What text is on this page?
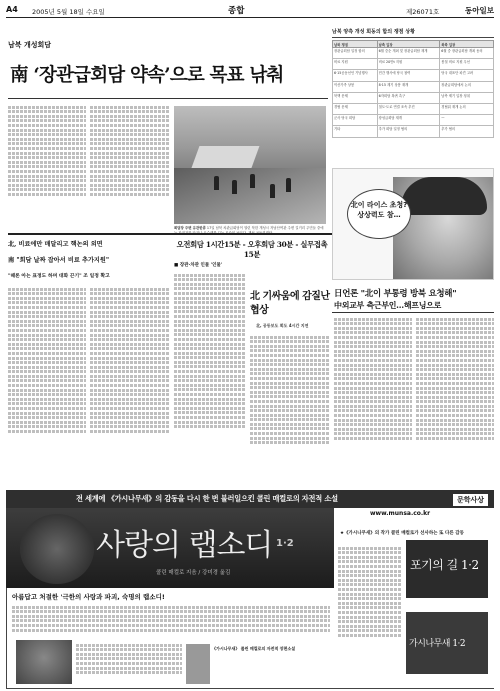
A4 2005년 5월 18일 수요일	종합	제26071호	동아일보
남북 개성회담
南 ‘장관급회담 약속’으로 목표 낚춰
회담장 주변 유관한류 17일 남북 차관급회담이 열린 북한 개성시 자남산여관 주변 길거리 주민들 중에
남북 양측 개성 회동의 합의 쟁점 상황
남북 쟁점	남측 입장	북측 입장
장관급회담 일정 합의	6월 중순 개최 및 장관급회담 재개	6월 중 장관급회담 개최 동의
비료 지원	비료 20만t 지원	봄철 비료 지원 우선
6·15공동선언 기념행사	민간 행사에 당국 참여	당국 대표단 파견 고려
이산가족 상봉	8·15 계기 상봉 재개	장관급회담에서 논의
북핵 문제	6자회담 복귀 촉구	남측 제기 입장 청취
경협 문제	철도·도로 연결 조속 추진	경협위 재개 논의
군사 당국 회담	장성급회담 재개	—
기타	추가 회담 일정 협의	추가 협의
北이 라이스 초청? 상상력도 참…
日언론 "北이 부통령 방북 요청해"
中외교부 측근부인…해프닝으로
北, 비료에만 매달리고 핵논의 외면
南 "회담 날짜 잡아서 비료 추가지원"
"때론 아는 표정도 하며 대화 끈기" 조 일정 확고
오전회담 1시간15분 - 오후회담 30분 - 실무접촉 15분
■ 장관·차관 인물 '인물'
北 기싸움에 감질난 협상
北, 공동보도 회도 4시간 지연
전 세계에 《가시나무새》의 감동을 다시 한 번 불러일으킨 콜린 매컬로의 자전적 소설	문학사상
사랑의 랩소디 1·2
콜린 매컬로 지음 / 강미경 옮김
www.munsa.co.kr
★《가시나무새》의 작가 콜린 매컬로가 선사하는 또 다른 감동
포기의 길 1·2
가시나무새 1·2
아름답고 처절한 '극한의 사랑과 파괴, 숙명의 랩소디!
《가시나무새》 콜린 매컬로의 자전적 장편소설
